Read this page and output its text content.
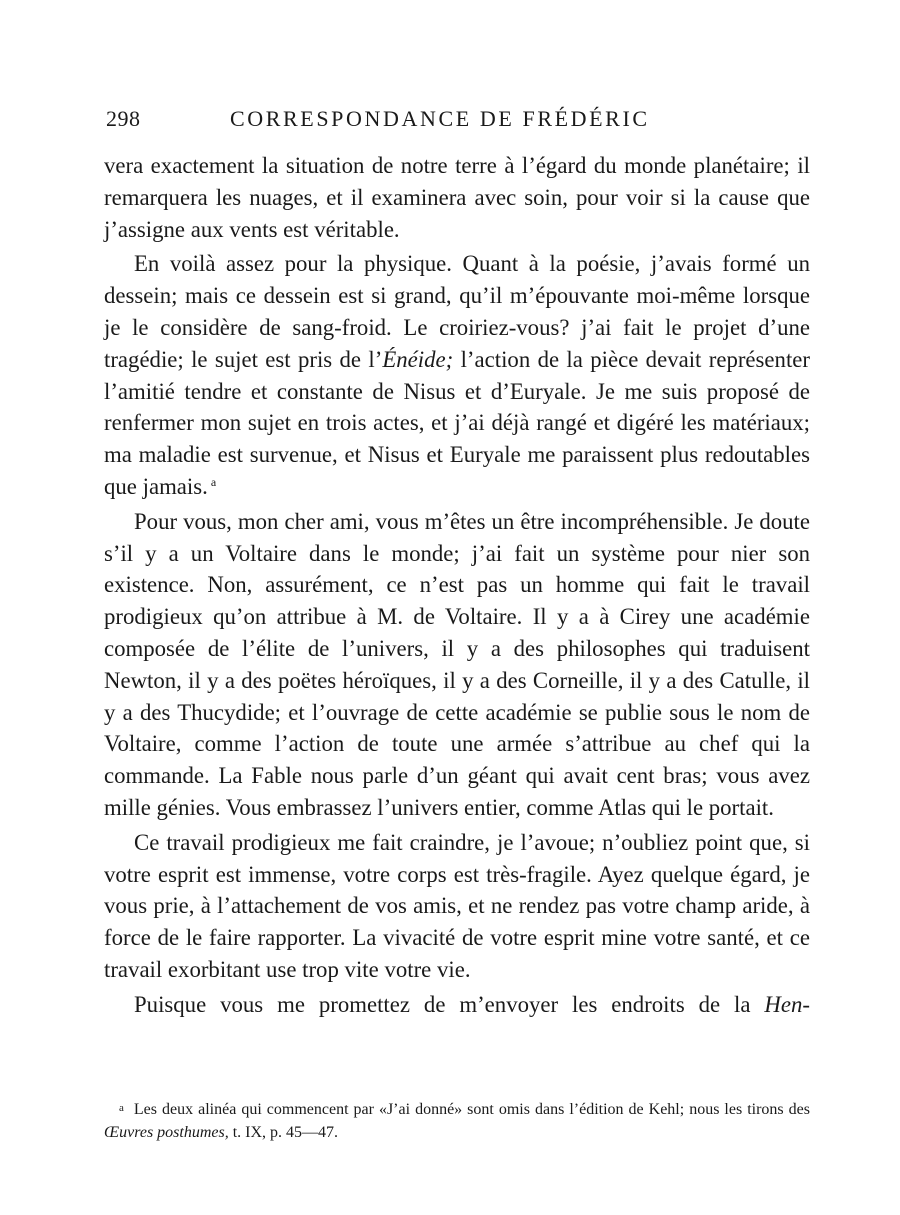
298	CORRESPONDANCE DE FRÉDÉRIC

vera exactement la situation de notre terre à l’égard du monde planétaire; il remarquera les nuages, et il examinera avec soin, pour voir si la cause que j’assigne aux vents est véritable.

En voilà assez pour la physique. Quant à la poésie, j’avais formé un dessein; mais ce dessein est si grand, qu’il m’épouvante moi-même lorsque je le considère de sang-froid. Le croiriez-vous? j’ai fait le projet d’une tragédie; le sujet est pris de l’Énéide; l’action de la pièce devait représenter l’amitié tendre et constante de Nisus et d’Euryale. Je me suis proposé de renfermer mon sujet en trois actes, et j’ai déjà rangé et digéré les matériaux; ma maladie est survenue, et Nisus et Euryale me paraissent plus redoutables que jamais. $^a$

Pour vous, mon cher ami, vous m’êtes un être incompréhensible. Je doute s’il y a un Voltaire dans le monde; j’ai fait un système pour nier son existence. Non, assurément, ce n’est pas un homme qui fait le travail prodigieux qu’on attribue à M. de Voltaire. Il y a à Cirey une académie composée de l’élite de l’univers, il y a des philosophes qui traduisent Newton, il y a des poëtes héroïques, il y a des Corneille, il y a des Catulle, il y a des Thucydide; et l’ouvrage de cette académie se publie sous le nom de Voltaire, comme l’action de toute une armée s’attribue au chef qui la commande. La Fable nous parle d’un géant qui avait cent bras; vous avez mille génies. Vous embrassez l’univers entier, comme Atlas qui le portait.

Ce travail prodigieux me fait craindre, je l’avoue; n’oubliez point que, si votre esprit est immense, votre corps est très-fragile. Ayez quelque égard, je vous prie, à l’attachement de vos amis, et ne rendez pas votre champ aride, à force de le faire rapporter. La vivacité de votre esprit mine votre santé, et ce travail exorbitant use trop vite votre vie.

Puisque vous me promettez de m’envoyer les endroits de la Hen-

a Les deux alinéa qui commencent par «J’ai donné» sont omis dans l’édition de Kehl; nous les tirons des Œuvres posthumes, t. IX, p. 45—47.
